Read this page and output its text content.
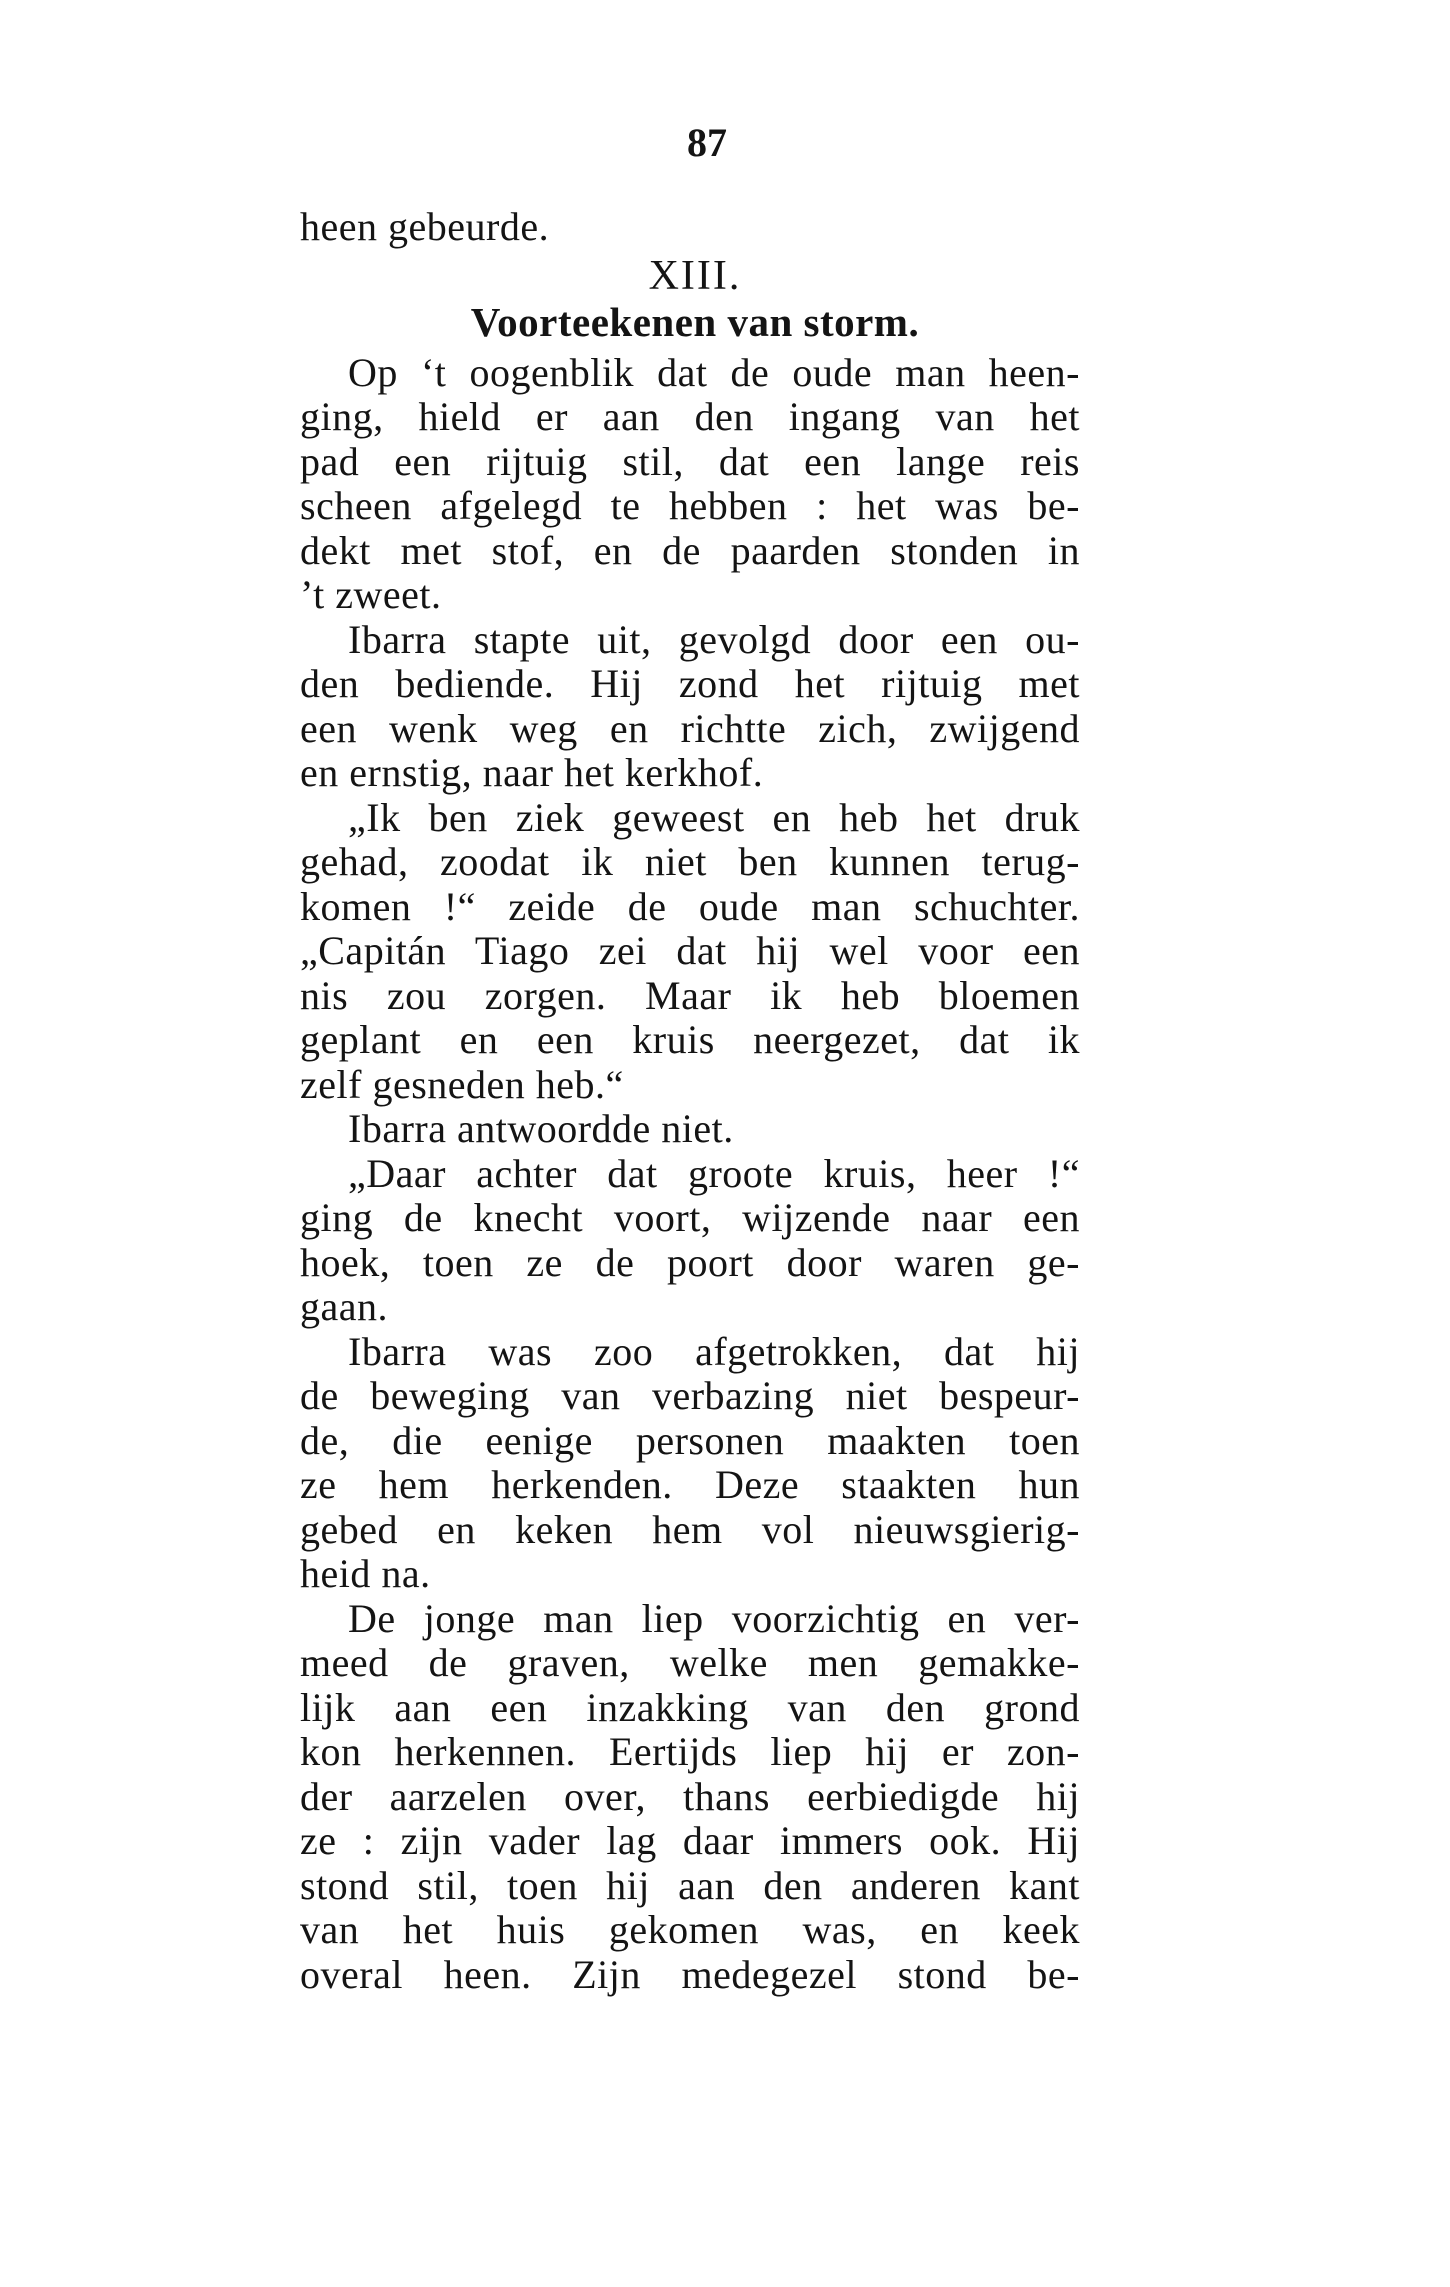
87
heen gebeurde.
XIII.
Voorteekenen van storm.
Op ‘t oogenblik dat de oude man heen-
ging, hield er aan den ingang van het
pad een rijtuig stil, dat een lange reis
scheen afgelegd te hebben : het was be-
dekt met stof, en de paarden stonden in
’t zweet.
Ibarra stapte uit, gevolgd door een ou-
den bediende. Hij zond het rijtuig met
een wenk weg en richtte zich, zwijgend
en ernstig, naar het kerkhof.
„Ik ben ziek geweest en heb het druk
gehad, zoodat ik niet ben kunnen terug-
komen !“ zeide de oude man schuchter.
„Capitán Tiago zei dat hij wel voor een
nis zou zorgen. Maar ik heb bloemen
geplant en een kruis neergezet, dat ik
zelf gesneden heb.“
Ibarra antwoordde niet.
„Daar achter dat groote kruis, heer !“
ging de knecht voort, wijzende naar een
hoek, toen ze de poort door waren ge-
gaan.
Ibarra was zoo afgetrokken, dat hij
de beweging van verbazing niet bespeur-
de, die eenige personen maakten toen
ze hem herkenden. Deze staakten hun
gebed en keken hem vol nieuwsgierig-
heid na.
De jonge man liep voorzichtig en ver-
meed de graven, welke men gemakke-
lijk aan een inzakking van den grond
kon herkennen. Eertijds liep hij er zon-
der aarzelen over, thans eerbiedigde hij
ze : zijn vader lag daar immers ook. Hij
stond stil, toen hij aan den anderen kant
van het huis gekomen was, en keek
overal heen. Zijn medegezel stond be-
